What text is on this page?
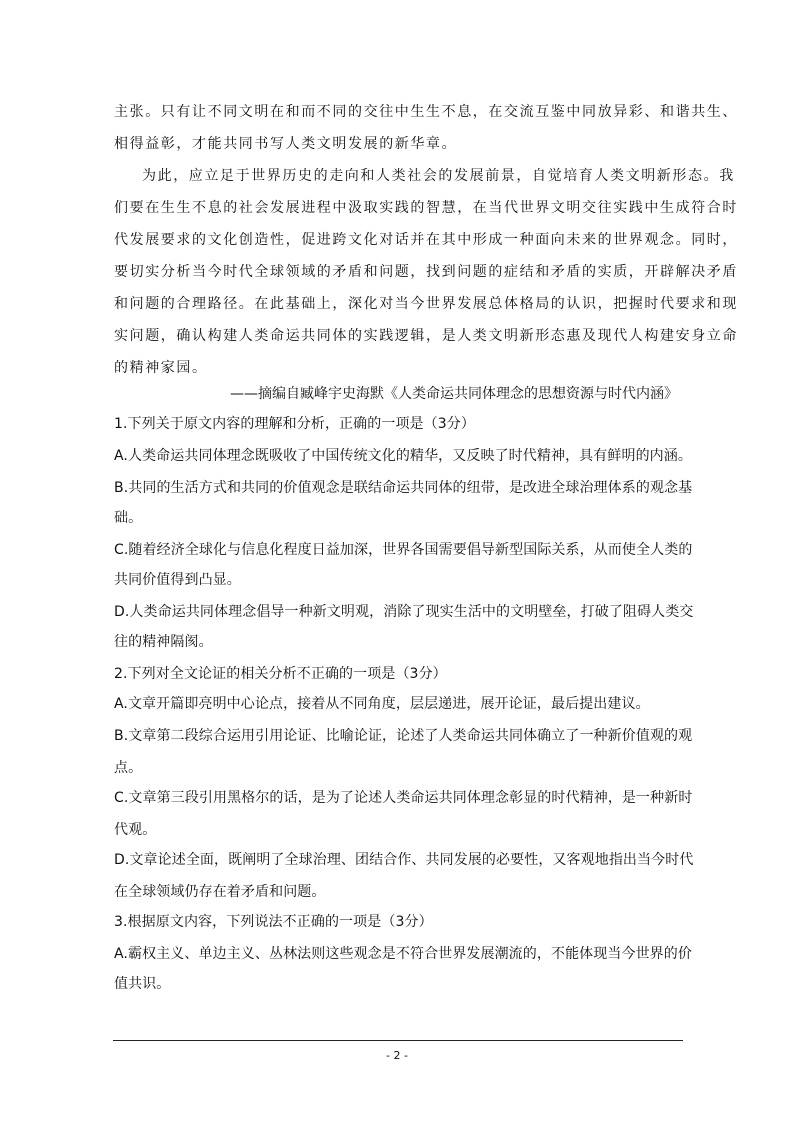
主张。只有让不同文明在和而不同的交往中生生不息，在交流互鉴中同放异彩、和谐共生、
相得益彰，才能共同书写人类文明发展的新华章。
为此，应立足于世界历史的走向和人类社会的发展前景，自觉培育人类文明新形态。我
们要在生生不息的社会发展进程中汲取实践的智慧，在当代世界文明交往实践中生成符合时
代发展要求的文化创造性，促进跨文化对话并在其中形成一种面向未来的世界观念。同时，
要切实分析当今时代全球领域的矛盾和问题，找到问题的症结和矛盾的实质，开辟解决矛盾
和问题的合理路径。在此基础上，深化对当今世界发展总体格局的认识，把握时代要求和现
实问题，确认构建人类命运共同体的实践逻辑，是人类文明新形态惠及现代人构建安身立命
的精神家园。
——摘编自臧峰宇史海默《人类命运共同体理念的思想资源与时代内涵》
1.下列关于原文内容的理解和分析，正确的一项是（3分）
A.人类命运共同体理念既吸收了中国传统文化的精华，又反映了时代精神，具有鲜明的内涵。
B.共同的生活方式和共同的价值观念是联结命运共同体的纽带，是改进全球治理体系的观念基
础。
C.随着经济全球化与信息化程度日益加深，世界各国需要倡导新型国际关系，从而使全人类的
共同价值得到凸显。
D.人类命运共同体理念倡导一种新文明观，消除了现实生活中的文明壁垒，打破了阻碍人类交
往的精神隔阂。
2.下列对全文论证的相关分析不正确的一项是（3分）
A.文章开篇即亮明中心论点，接着从不同角度，层层递进，展开论证，最后提出建议。
B.文章第二段综合运用引用论证、比喻论证，论述了人类命运共同体确立了一种新价值观的观
点。
C.文章第三段引用黑格尔的话，是为了论述人类命运共同体理念彰显的时代精神，是一种新时
代观。
D.文章论述全面，既阐明了全球治理、团结合作、共同发展的必要性，又客观地指出当今时代
在全球领域仍存在着矛盾和问题。
3.根据原文内容，下列说法不正确的一项是（3分）
A.霸权主义、单边主义、丛林法则这些观念是不符合世界发展潮流的，不能体现当今世界的价
值共识。
- 2 -
